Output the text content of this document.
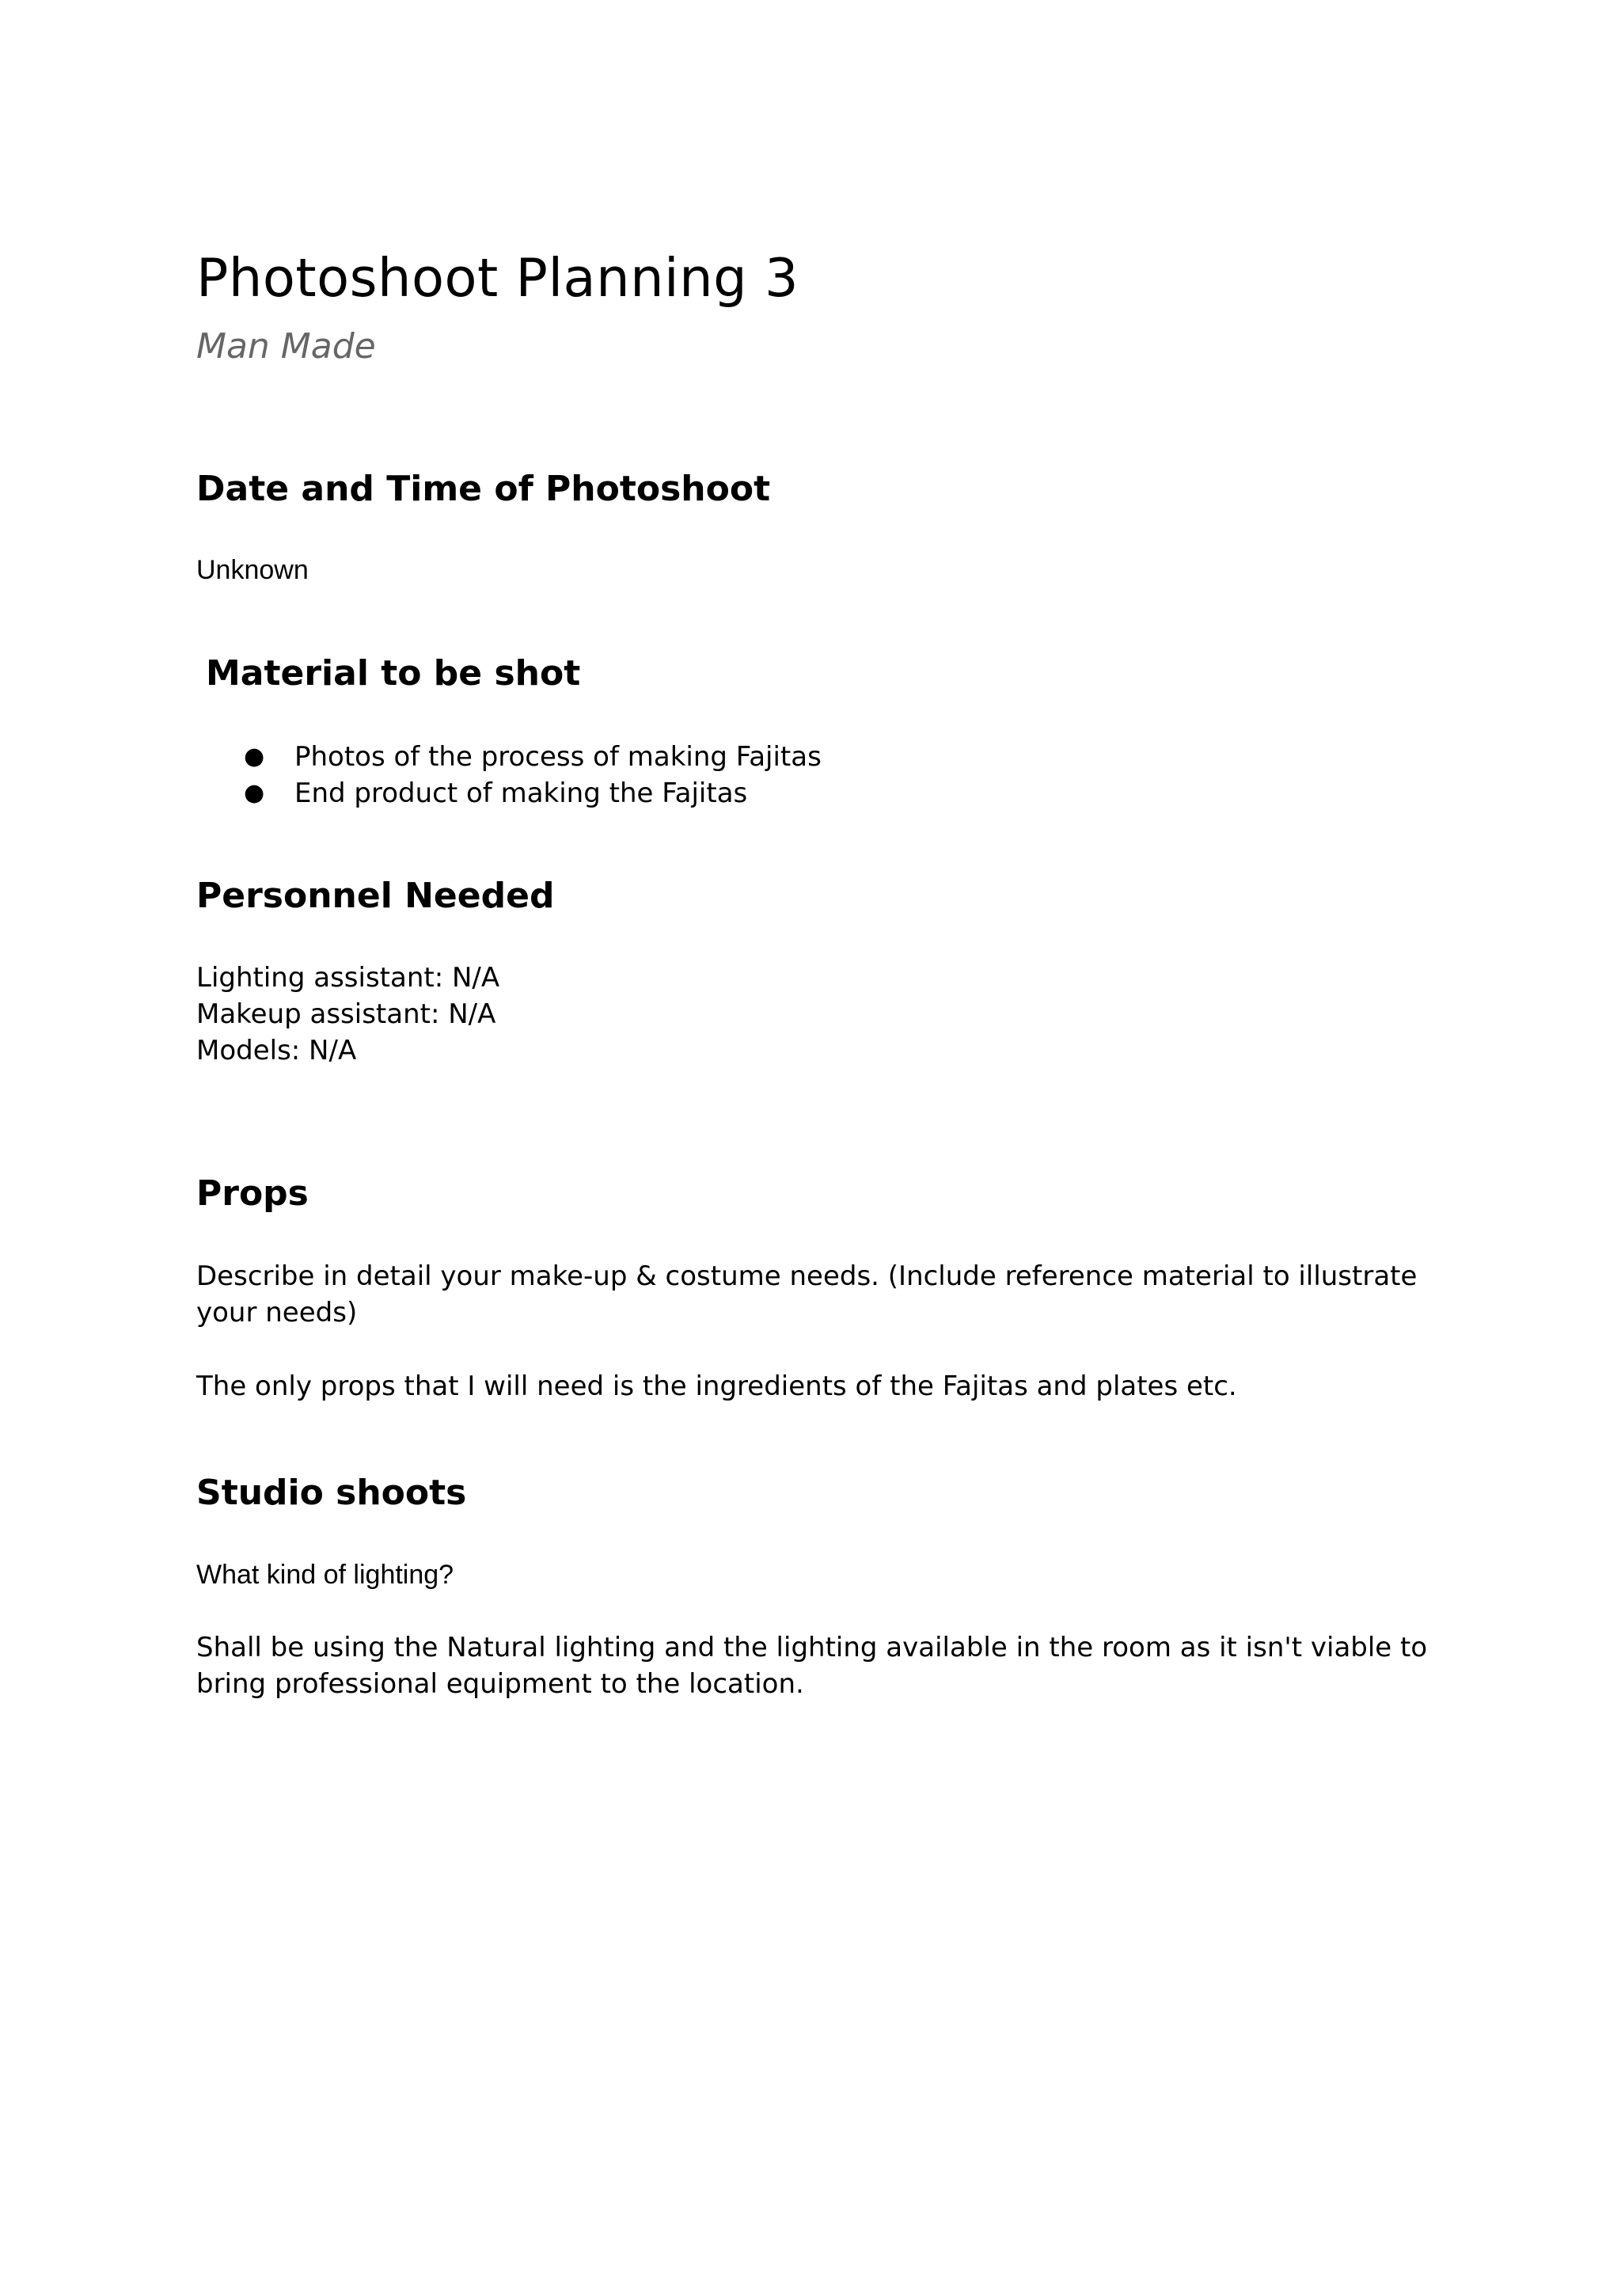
Photoshoot Planning 3

Man Made

Date and Time of Photoshoot

Unknown

Material to be shot
● Photos of the process of making Fajitas
● End product of making the Fajitas
Personnel Needed

Lighting assistant: N/A

Makeup assistant: N/A

Models: N/A

Props

Describe in detail your make-up & costume needs. (Include reference material to illustrate your needs)

The only props that I will need is the ingredients of the Fajitas and plates etc.

Studio shoots

What kind of lighting?

Shall be using the Natural lighting and the lighting available in the room as it isn't viable to bring professional equipment to the location.
